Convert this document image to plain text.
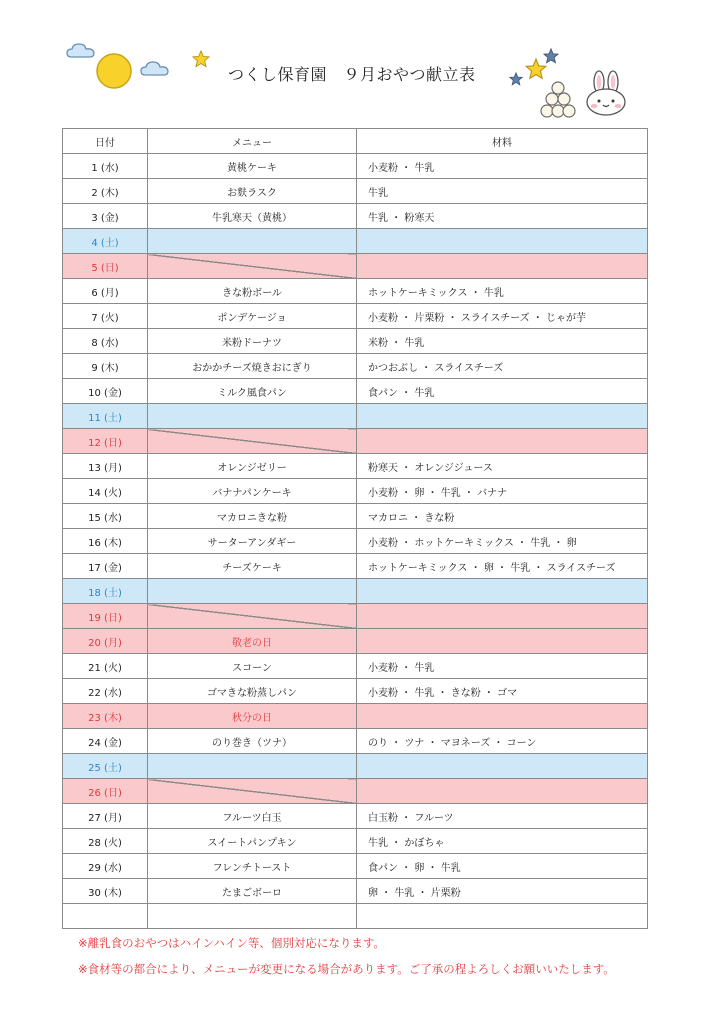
つくし保育園　９月おやつ献立表
日付	メニュー	材料
1 (水)	黄桃ケーキ	小麦粉 ・ 牛乳
2 (木)	お麩ラスク	牛乳
3 (金)	牛乳寒天（黄桃）	牛乳 ・ 粉寒天
4 (土)		
5 (日)		
6 (月)	きな粉ボール	ホットケーキミックス ・ 牛乳
7 (火)	ポンデケージョ	小麦粉 ・ 片栗粉 ・ スライスチーズ ・ じゃが芋
8 (水)	米粉ドーナツ	米粉 ・ 牛乳
9 (木)	おかかチーズ焼きおにぎり	かつおぶし ・ スライスチーズ
10 (金)	ミルク風食パン	食パン ・ 牛乳
11 (土)		
12 (日)		
13 (月)	オレンジゼリー	粉寒天 ・ オレンジジュース
14 (火)	バナナパンケーキ	小麦粉 ・ 卵 ・ 牛乳 ・ バナナ
15 (水)	マカロニきな粉	マカロニ ・ きな粉
16 (木)	サーターアンダギー	小麦粉 ・ ホットケーキミックス ・ 牛乳 ・ 卵
17 (金)	チーズケーキ	ホットケーキミックス ・ 卵 ・ 牛乳 ・ スライスチーズ
18 (土)		
19 (日)		
20 (月)	敬老の日	
21 (火)	スコーン	小麦粉 ・ 牛乳
22 (水)	ゴマきな粉蒸しパン	小麦粉 ・ 牛乳 ・ きな粉 ・ ゴマ
23 (木)	秋分の日	
24 (金)	のり巻き（ツナ）	のり ・ ツナ ・ マヨネーズ ・ コーン
25 (土)		
26 (日)		
27 (月)	フルーツ白玉	白玉粉 ・ フルーツ
28 (火)	スイートパンプキン	牛乳 ・ かぼちゃ
29 (水)	フレンチトースト	食パン ・ 卵 ・ 牛乳
30 (木)	たまごボーロ	卵 ・ 牛乳 ・ 片栗粉

※離乳食のおやつはハインハイン等、個別対応になります。
※食材等の都合により、メニューが変更になる場合があります。ご了承の程よろしくお願いいたします。
